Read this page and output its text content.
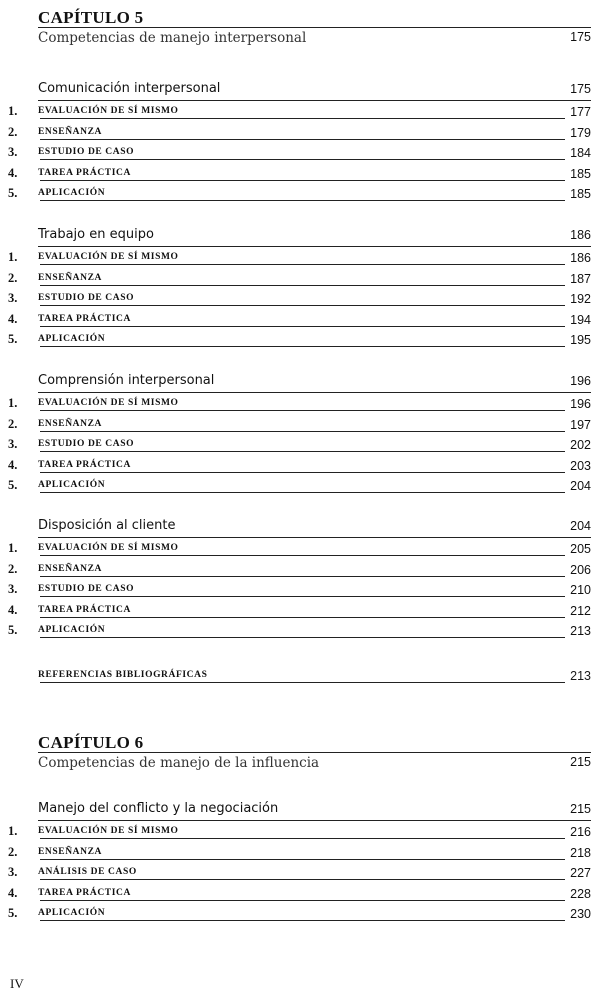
CAPÍTULO 5
Competencias de manejo interpersonal	175
Comunicación interpersonal	175
1. EVALUACIÓN DE SÍ MISMO	177
2. ENSEÑANZA	179
3. ESTUDIO DE CASO	184
4. TAREA PRÁCTICA	185
5. APLICACIÓN	185
Trabajo en equipo	186
1. EVALUACIÓN DE SÍ MISMO	186
2. ENSEÑANZA	187
3. ESTUDIO DE CASO	192
4. TAREA PRÁCTICA	194
5. APLICACIÓN	195
Comprensión interpersonal	196
1. EVALUACIÓN DE SÍ MISMO	196
2. ENSEÑANZA	197
3. ESTUDIO DE CASO	202
4. TAREA PRÁCTICA	203
5. APLICACIÓN	204
Disposición al cliente	204
1. EVALUACIÓN DE SÍ MISMO	205
2. ENSEÑANZA	206
3. ESTUDIO DE CASO	210
4. TAREA PRÁCTICA	212
5. APLICACIÓN	213
REFERENCIAS BIBLIOGRÁFICAS	213
CAPÍTULO 6
Competencias de manejo de la influencia	215
Manejo del conflicto y la negociación	215
1. EVALUACIÓN DE SÍ MISMO	216
2. ENSEÑANZA	218
3. ANÁLISIS DE CASO	227
4. TAREA PRÁCTICA	228
5. APLICACIÓN	230
IV
